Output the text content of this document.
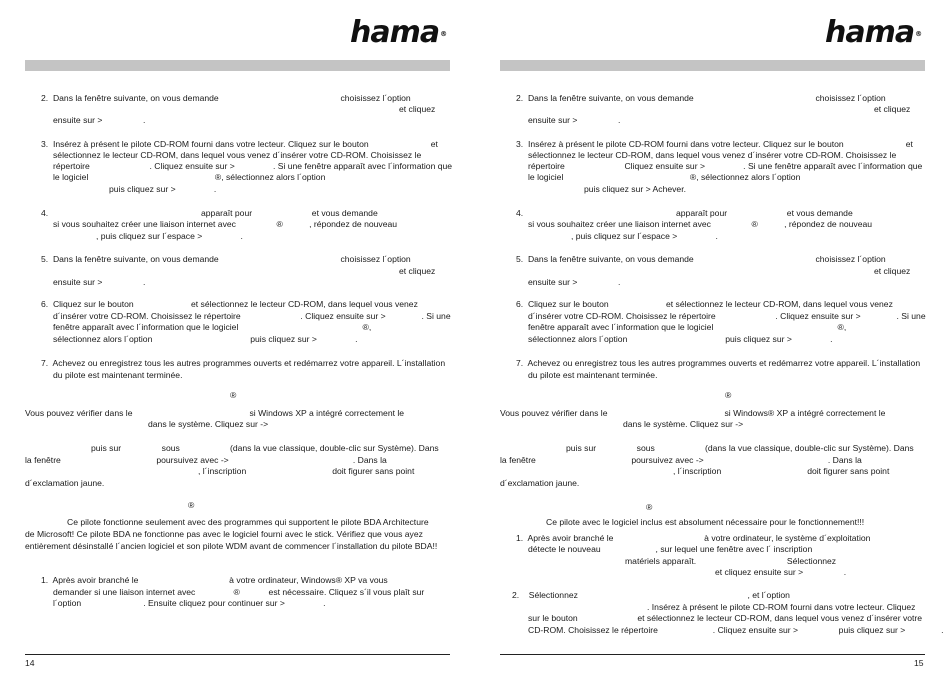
hama®
2.  Dans la fenêtre suivante, on vous demande                                                   choisissez l´option
et cliquez
ensuite sur >                 .
3.  Insérez à présent le pilote CD-ROM fourni dans votre lecteur. Cliquez sur le bouton                          et
sélectionnez le lecteur CD-ROM, dans lequel vous venez d´insérer votre CD-ROM. Choisissez le
répertoire                         . Cliquez ensuite sur >                . Si une fenêtre apparaît avec l´information que
le logiciel                                                     ®, sélectionnez alors l´option
puis cliquez sur >                .
4.                                                                apparaît pour                         et vous demande
si vous souhaitez créer une liaison internet avec                 ®           , répondez de nouveau
, puis cliquez sur l´espace >                .
5.  Dans la fenêtre suivante, on vous demande                                                   choisissez l´option
et cliquez
ensuite sur >                 .
6.  Cliquez sur le bouton                        et sélectionnez le lecteur CD-ROM, dans lequel vous venez
d´insérer votre CD-ROM. Choisissez le répertoire                         . Cliquez ensuite sur >               . Si une
fenêtre apparaît avec l´information que le logiciel                                                    ®,
sélectionnez alors l´option                                         puis cliquez sur >                .
7.  Achevez ou enregistrez tous les autres programmes ouverts et redémarrez votre appareil. L´installation
du pilote est maintenant terminée.
®
Vous pouvez vérifier dans le                                                 si Windows XP a intégré correctement le
dans le système. Cliquez sur ->
puis sur                 sous                     (dans la vue classique, double-clic sur Système). Dans
la fenêtre                                        poursuivez avec ->                                                    . Dans la
, l´inscription                                    doit figurer sans point
d´exclamation jaune.
®
Ce pilote fonctionne seulement avec des programmes qui supportent le pilote BDA Architecture
de Microsoft! Ce pilote BDA ne fonctionne pas avec le logiciel fourni avec le stick. Vérifiez que vous ayez
entièrement désinstallé l´ancien logiciel et son pilote WDM avant de commencer l´installation du pilote BDA!!
1.  Après avoir branché le                                      à votre ordinateur, Windows® XP va vous
demander si une liaison internet avec                ®            est nécessaire. Cliquez s´il vous plaît sur
l´option                          . Ensuite cliquez pour continuer sur >                .
14
hama®
2.  Dans la fenêtre suivante, on vous demande                                                   choisissez l´option
et cliquez
ensuite sur >                 .
3.  Insérez à présent le pilote CD-ROM fourni dans votre lecteur. Cliquez sur le bouton                          et
sélectionnez le lecteur CD-ROM, dans lequel vous venez d´insérer votre CD-ROM. Choisissez le
répertoire                         Cliquez ensuite sur >                . Si une fenêtre apparaît avec l´information que
le logiciel                                                     ®, sélectionnez alors l´option
puis cliquez sur > Achever.
4.                                                                apparaît pour                         et vous demande
si vous souhaitez créer une liaison internet avec                 ®           , répondez de nouveau
, puis cliquez sur l´espace >                .
5.  Dans la fenêtre suivante, on vous demande                                                   choisissez l´option
et cliquez
ensuite sur >                 .
6.  Cliquez sur le bouton                        et sélectionnez le lecteur CD-ROM, dans lequel vous venez
d´insérer votre CD-ROM. Choisissez le répertoire                         . Cliquez ensuite sur >               . Si une
fenêtre apparaît avec l´information que le logiciel                                                    ®,
sélectionnez alors l´option                                         puis cliquez sur >                .
7.  Achevez ou enregistrez tous les autres programmes ouverts et redémarrez votre appareil. L´installation
du pilote est maintenant terminée.
®
Vous pouvez vérifier dans le                                                 si Windows® XP a intégré correctement le
dans le système. Cliquez sur ->
puis sur                 sous                     (dans la vue classique, double-clic sur Système). Dans
la fenêtre                                        poursuivez avec ->                                                    . Dans la
, l´inscription                                    doit figurer sans point
d´exclamation jaune.
®
Ce pilote avec le logiciel inclus est absolument nécessaire pour le fonctionnement!!!
1.  Après avoir branché le                                      à votre ordinateur, le système d´exploitation
détecte le nouveau                       , sur lequel une fenêtre avec l´ inscription
matériels apparaît.                                      Sélectionnez
et cliquez ensuite sur >                 .
2.    Sélectionnez                                                                       , et l´option
. Insérez à présent le pilote CD-ROM fourni dans votre lecteur. Cliquez
sur le bouton                         et sélectionnez le lecteur CD-ROM, dans lequel vous venez d´insérer votre
CD-ROM. Choisissez le répertoire                       . Cliquez ensuite sur >                 puis cliquez sur >               .
15
